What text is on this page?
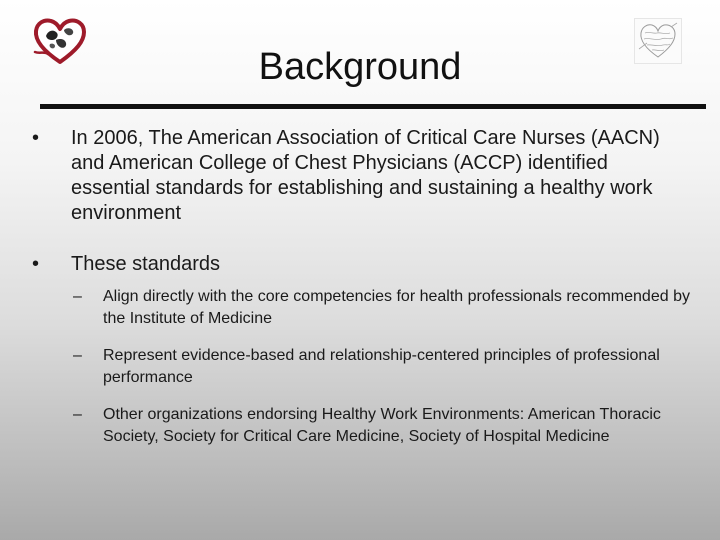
Background
• In 2006, The American Association of Critical Care Nurses (AACN) and American College of Chest Physicians (ACCP) identified essential standards for establishing and sustaining a healthy work environment
• These standards
– Align directly with the core competencies for health professionals recommended by the Institute of Medicine
– Represent evidence-based and relationship-centered principles of professional performance
– Other organizations endorsing Healthy Work Environments: American Thoracic Society, Society for Critical Care Medicine, Society of Hospital Medicine
